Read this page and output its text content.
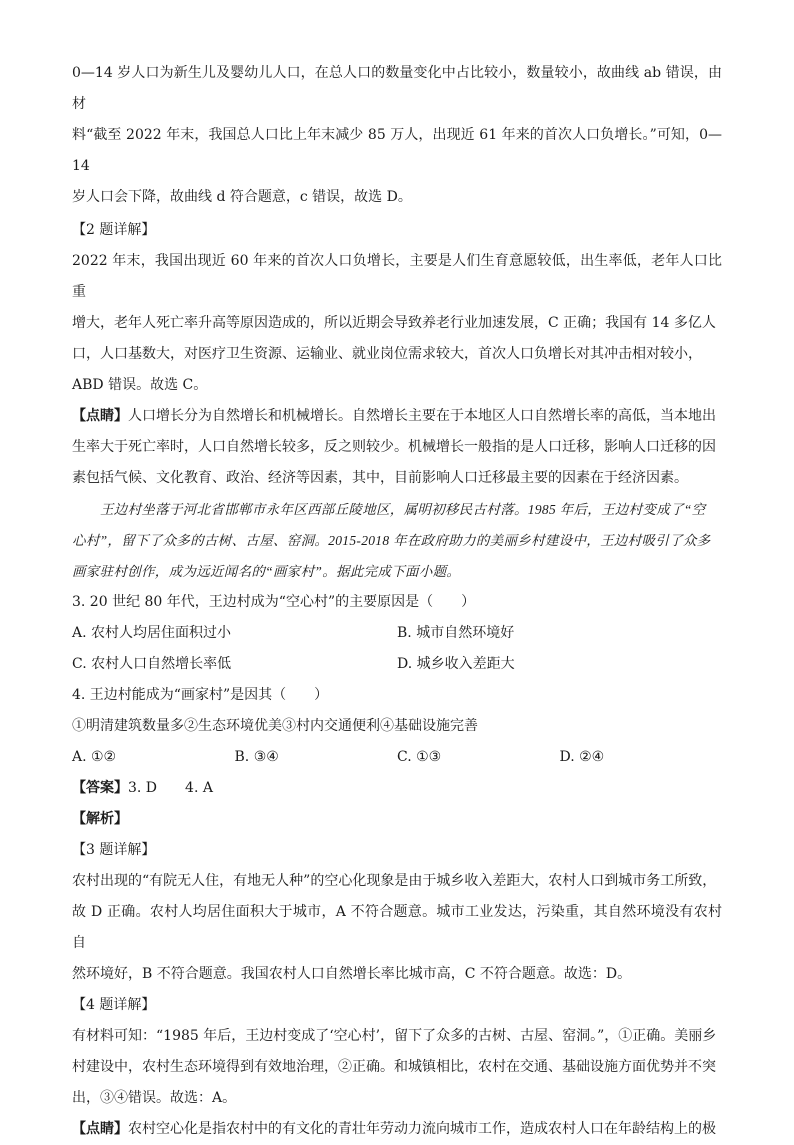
0—14 岁人口为新生儿及婴幼儿人口，在总人口的数量变化中占比较小，数量较小，故曲线 ab 错误，由材

料“截至 2022 年末，我国总人口比上年末减少 85 万人，出现近 61 年来的首次人口负增长。”可知，0—14

岁人口会下降，故曲线 d 符合题意，c 错误，故选 D。

【2 题详解】

2022 年末，我国出现近 60 年来的首次人口负增长，主要是人们生育意愿较低，出生率低，老年人口比重

增大，老年人死亡率升高等原因造成的，所以近期会导致养老行业加速发展，C 正确；我国有 14 多亿人

口，人口基数大，对医疗卫生资源、运输业、就业岗位需求较大，首次人口负增长对其冲击相对较小，

ABD 错误。故选 C。

【点睛】人口增长分为自然增长和机械增长。自然增长主要在于本地区人口自然增长率的高低，当本地出

生率大于死亡率时，人口自然增长较多，反之则较少。机械增长一般指的是人口迁移，影响人口迁移的因

素包括气候、文化教育、政治、经济等因素，其中，目前影响人口迁移最主要的因素在于经济因素。

王边村坐落于河北省邯郸市永年区西部丘陵地区，属明初移民古村落。1985 年后，王边村变成了“空

心村”，留下了众多的古树、古屋、窑洞。2015-2018 年在政府助力的美丽乡村建设中，王边村吸引了众多

画家驻村创作，成为远近闻名的“画家村”。据此完成下面小题。

3. 20 世纪 80 年代，王边村成为“空心村”的主要原因是（　　）

A. 农村人均居住面积过小	B. 城市自然环境好
C. 农村人口自然增长率低	D. 城乡收入差距大

4. 王边村能成为“画家村”是因其（　　）

①明清建筑数量多②生态环境优美③村内交通便利④基础设施完善

A. ①②	B. ③④	C. ①③	D. ②④
【答案】 3. D 4. A

【解析】

【3 题详解】

农村出现的“有院无人住，有地无人种”的空心化现象是由于城乡收入差距大，农村人口到城市务工所致，

故 D 正确。农村人均居住面积大于城市，A 不符合题意。城市工业发达，污染重，其自然环境没有农村自

然环境好，B 不符合题意。我国农村人口自然增长率比城市高，C 不符合题意。故选：D。

【4 题详解】

有材料可知：“1985 年后，王边村变成了‘空心村’，留下了众多的古树、古屋、窑洞。”，①正确。美丽乡

村建设中，农村生态环境得到有效地治理，②正确。和城镇相比，农村在交通、基础设施方面优势并不突

出，③④错误。故选：A。

【点睛】农村空心化是指农村中的有文化的青壮年劳动力流向城市工作，造成农村人口在年龄结构上的极
